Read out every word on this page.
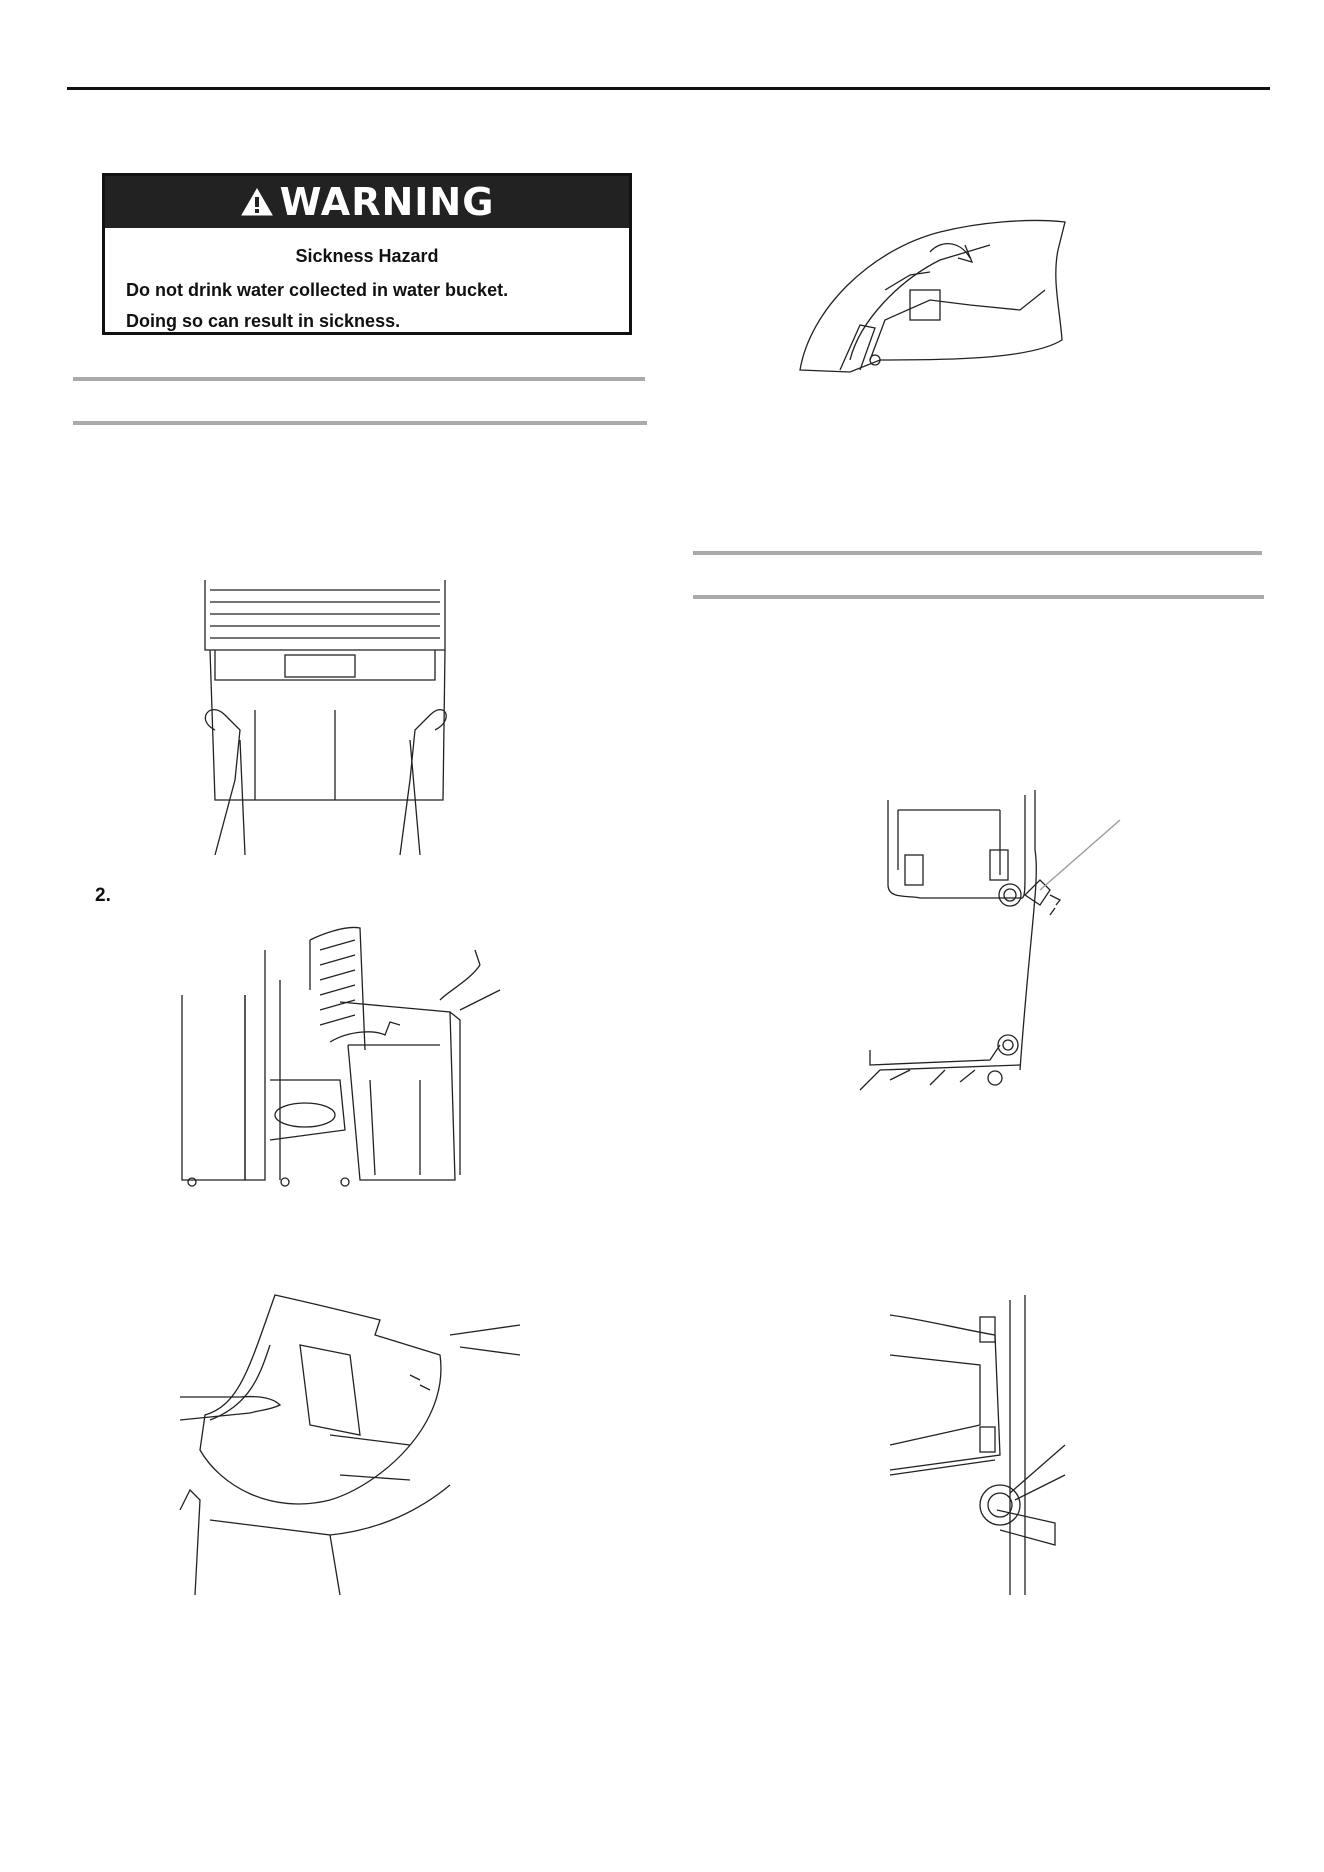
WARNING
Sickness Hazard
Do not drink water collected in water bucket.
Doing so can result in sickness.
2.
